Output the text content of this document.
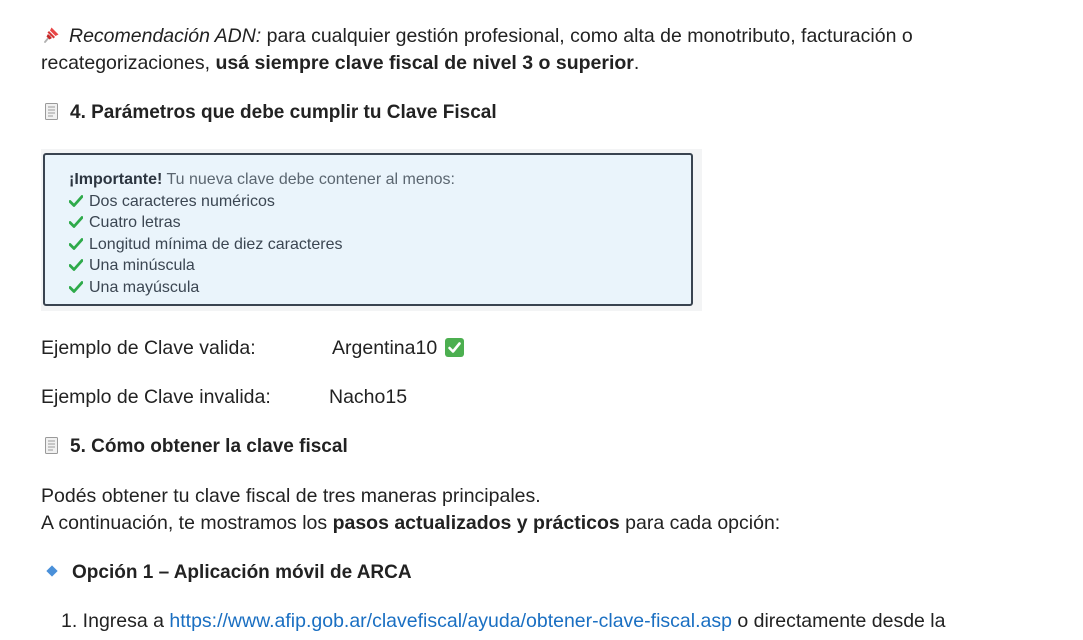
Recomendación ADN: para cualquier gestión profesional, como alta de monotributo, facturación o
recategorizaciones, usá siempre clave fiscal de nivel 3 o superior.
4. Parámetros que debe cumplir tu Clave Fiscal
¡Importante! Tu nueva clave debe contener al menos:
Dos caracteres numéricos
Cuatro letras
Longitud mínima de diez caracteres
Una minúscula
Una mayúscula
Ejemplo de Clave valida:	Argentina10
Ejemplo de Clave invalida:	Nacho15
5. Cómo obtener la clave fiscal
Podés obtener tu clave fiscal de tres maneras principales.
A continuación, te mostramos los pasos actualizados y prácticos para cada opción:
Opción 1 – Aplicación móvil de ARCA
1. Ingresa a https://www.afip.gob.ar/clavefiscal/ayuda/obtener-clave-fiscal.asp o directamente desde la
